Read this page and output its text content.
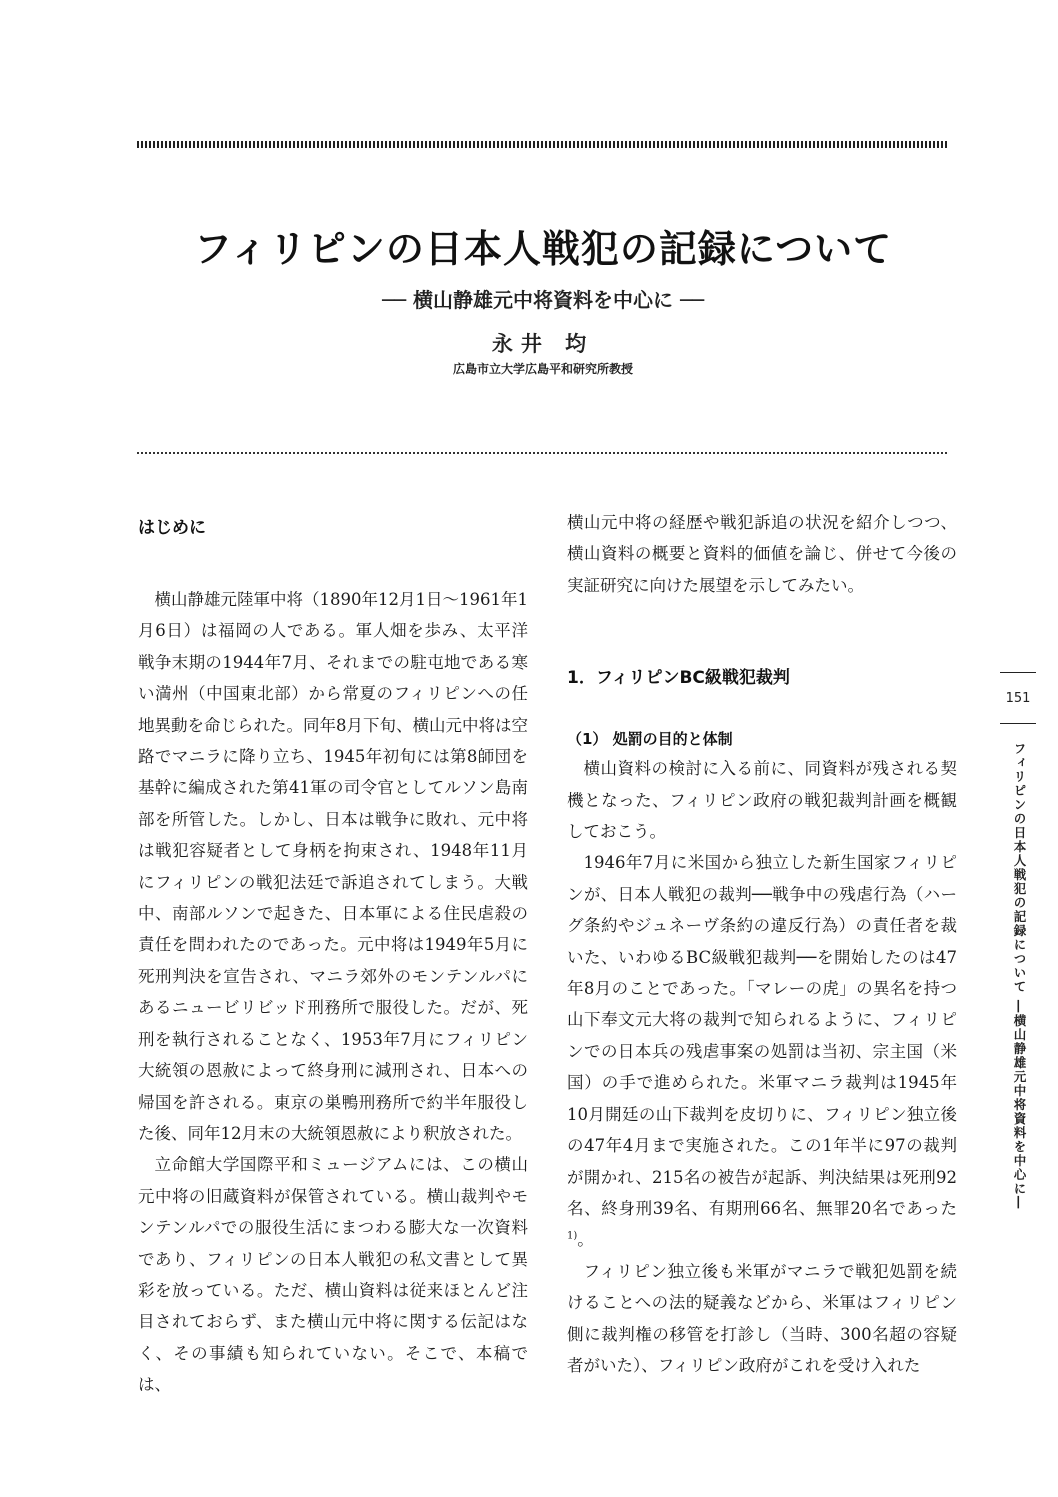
フィリピンの日本人戦犯の記録について
── 横山静雄元中将資料を中心に ──
永井 均
広島市立大学広島平和研究所教授
はじめに

横山静雄元陸軍中将（1890年12月1日～1961年1月6日）は福岡の人である。軍人畑を歩み、太平洋戦争末期の1944年7月、それまでの駐屯地である寒い満州（中国東北部）から常夏のフィリピンへの任地異動を命じられた。同年8月下旬、横山元中将は空路でマニラに降り立ち、1945年初旬には第8師団を基幹に編成された第41軍の司令官としてルソン島南部を所管した。しかし、日本は戦争に敗れ、元中将は戦犯容疑者として身柄を拘束され、1948年11月にフィリピンの戦犯法廷で訴追されてしまう。大戦中、南部ルソンで起きた、日本軍による住民虐殺の責任を問われたのであった。元中将は1949年5月に死刑判決を宣告され、マニラ郊外のモンテンルパにあるニュービリビッド刑務所で服役した。だが、死刑を執行されることなく、1953年7月にフィリピン大統領の恩赦によって終身刑に減刑され、日本への帰国を許される。東京の巣鴨刑務所で約半年服役した後、同年12月末の大統領恩赦により釈放された。

立命館大学国際平和ミュージアムには、この横山元中将の旧蔵資料が保管されている。横山裁判やモンテンルパでの服役生活にまつわる膨大な一次資料であり、フィリピンの日本人戦犯の私文書として異彩を放っている。ただ、横山資料は従来ほとんど注目されておらず、また横山元中将に関する伝記はなく、その事績も知られていない。そこで、本稿では、

横山元中将の経歴や戦犯訴追の状況を紹介しつつ、横山資料の概要と資料的価値を論じ、併せて今後の実証研究に向けた展望を示してみたい。

1．フィリピンBC級戦犯裁判
（1） 処罰の目的と体制

横山資料の検討に入る前に、同資料が残される契機となった、フィリピン政府の戦犯裁判計画を概観しておこう。

1946年7月に米国から独立した新生国家フィリピンが、日本人戦犯の裁判──戦争中の残虐行為（ハーグ条約やジュネーヴ条約の違反行為）の責任者を裁いた、いわゆるBC級戦犯裁判──を開始したのは47年8月のことであった。「マレーの虎」の異名を持つ山下奉文元大将の裁判で知られるように、フィリピンでの日本兵の残虐事案の処罰は当初、宗主国（米国）の手で進められた。米軍マニラ裁判は1945年10月開廷の山下裁判を皮切りに、フィリピン独立後の47年4月まで実施された。この1年半に97の裁判が開かれ、215名の被告が起訴、判決結果は死刑92名、終身刑39名、有期刑66名、無罪20名であった$^{1)}$。

フィリピン独立後も米軍がマニラで戦犯処罰を続けることへの法的疑義などから、米軍はフィリピン側に裁判権の移管を打診し（当時、300名超の容疑者がいた）、フィリピン政府がこれを受け入れた

151
フィリピンの日本人戦犯の記録について ―横山静雄元中将資料を中心に―
